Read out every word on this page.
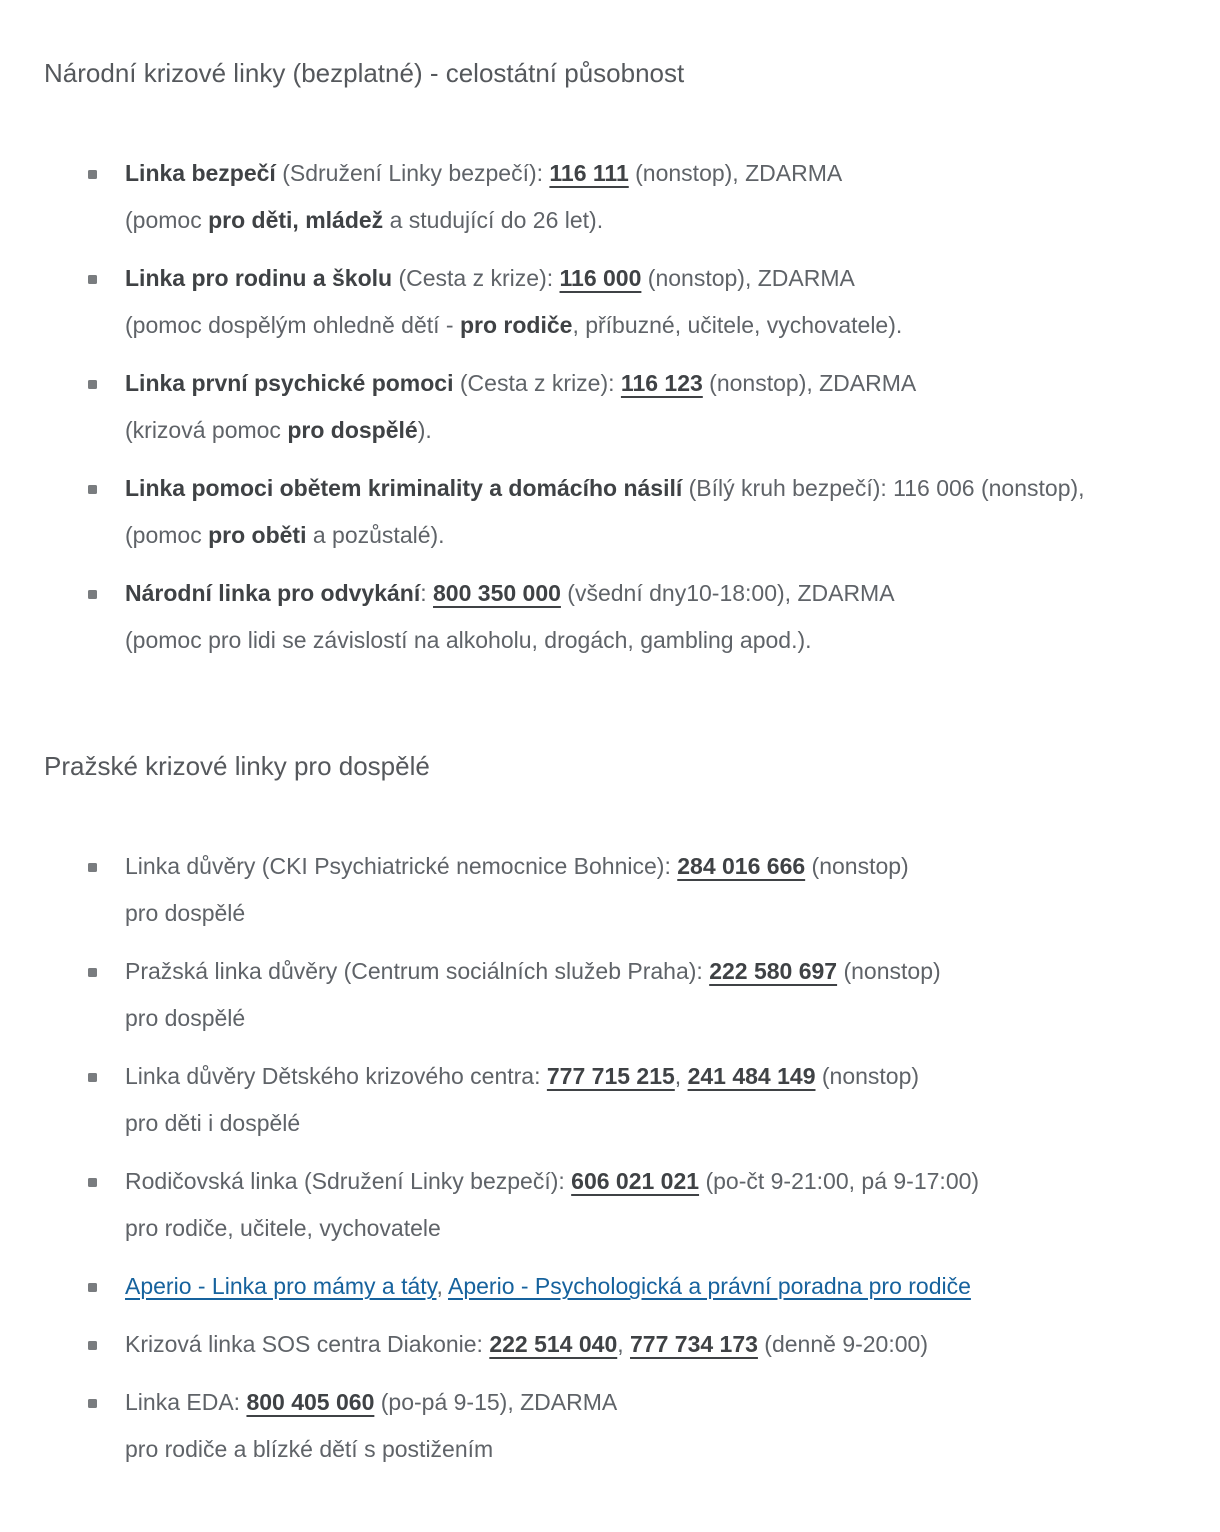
Národní krizové linky (bezplatné) - celostátní působnost
Linka bezpečí (Sdružení Linky bezpečí): 116 111 (nonstop), ZDARMA
(pomoc pro děti, mládež a studující do 26 let).
Linka pro rodinu a školu (Cesta z krize): 116 000 (nonstop), ZDARMA
(pomoc dospělým ohledně dětí - pro rodiče, příbuzné, učitele, vychovatele).
Linka první psychické pomoci (Cesta z krize): 116 123 (nonstop), ZDARMA
(krizová pomoc pro dospělé).
Linka pomoci obětem kriminality a domácího násilí (Bílý kruh bezpečí): 116 006 (nonstop),
(pomoc pro oběti a pozůstalé).
Národní linka pro odvykání: 800 350 000 (všední dny10-18:00), ZDARMA
(pomoc pro lidi se závislostí na alkoholu, drogách, gambling apod.).
Pražské krizové linky pro dospělé
Linka důvěry (CKI Psychiatrické nemocnice Bohnice): 284 016 666 (nonstop)
pro dospělé
Pražská linka důvěry (Centrum sociálních služeb Praha): 222 580 697 (nonstop)
pro dospělé
Linka důvěry Dětského krizového centra: 777 715 215, 241 484 149 (nonstop)
pro děti i dospělé
Rodičovská linka (Sdružení Linky bezpečí): 606 021 021 (po-čt 9-21:00, pá 9-17:00)
pro rodiče, učitele, vychovatele
Aperio - Linka pro mámy a táty, Aperio - Psychologická a právní poradna pro rodiče
Krizová linka SOS centra Diakonie: 222 514 040, 777 734 173 (denně 9-20:00)
Linka EDA: 800 405 060 (po-pá 9-15), ZDARMA
pro rodiče a blízké dětí s postižením
